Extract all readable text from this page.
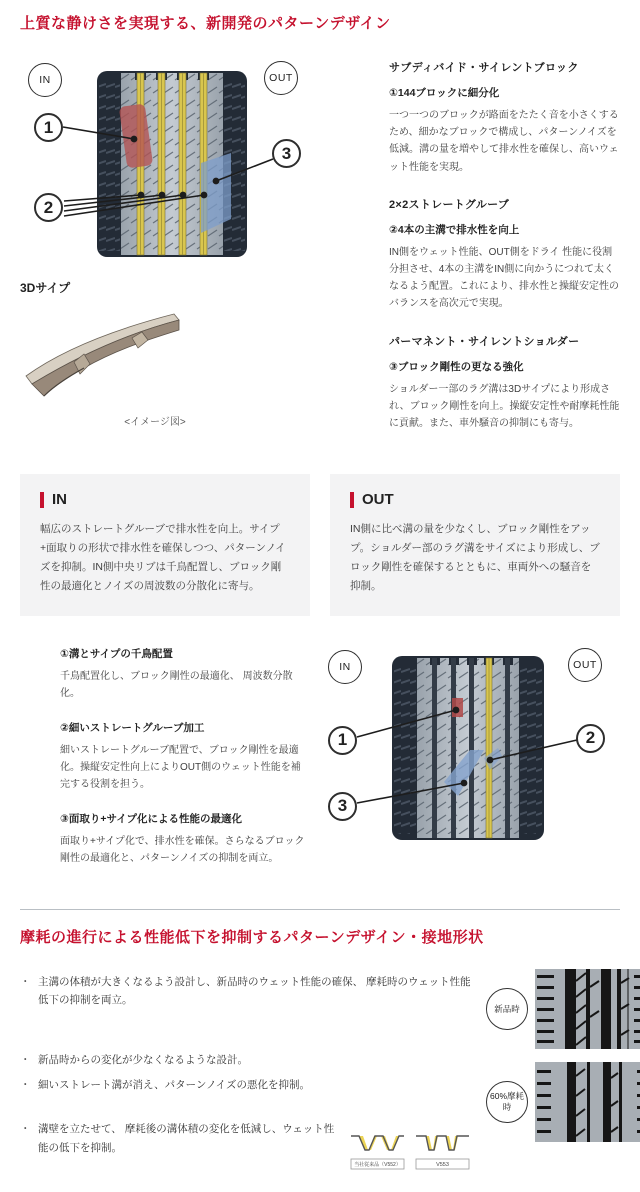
上質な静けさを実現する、新開発のパターンデザイン
IN	OUT
1
2
3
3Dサイプ
<イメージ図>
サブディバイド・サイレントブロック
①144ブロックに細分化

一つ一つのブロックが路面をたたく音を小さくするため、細かなブロックで構成し、パターンノイズを低減。溝の量を増やして排水性を確保し、高いウェット性能を実現。

2×2ストレートグルーブ
②4本の主溝で排水性を向上

IN側をウェット性能、OUT側をドライ 性能に役割分担させ、4本の主溝をIN側に向かうにつれて太くなるよう配置。これにより、排水性と操縦安定性のバランスを高次元で実現。

パーマネント・サイレントショルダー
③ブロック剛性の更なる強化

ショルダー一部のラグ溝は3Dサイプにより形成され、ブロック剛性を向上。操縦安定性や耐摩耗性能に貢献。また、車外騒音の抑制にも寄与。

IN

幅広のストレートグルーブで排水性を向上。サイプ+面取りの形状で排水性を確保しつつ、パターンノイズを抑制。IN側中央リブは千鳥配置し、ブロック剛性の最適化とノイズの周波数の分散化に寄与。

OUT

IN側に比べ溝の量を少なくし、ブロック剛性をアップ。ショルダー部のラグ溝をサイズにより形成し、ブロック剛性を確保するとともに、車両外への騒音を抑制。

①溝とサイプの千鳥配置

千鳥配置化し、ブロック剛性の最適化、 周波数分散化。

②細いストレートグルーブ加工

細いストレートグルーブ配置で、ブロック剛性を最適化。操縦安定性向上によりOUT側のウェット性能を補完する役割を担う。

③面取り+サイプ化による性能の最適化

面取り+サイプ化で、排水性を確保。さらなるブロック剛性の最適化と、パターンノイズの抑制を両立。

IN	OUT
1	2
3
摩耗の進行による性能低下を抑制するパターンデザイン・接地形状
・ 主溝の体積が大きくなるよう設計し、新品時のウェット性能の確保、 摩耗時のウェット性能低下の抑制を両立。
・ 新品時からの変化が少なくなるような設計。
・ 細いストレート溝が消え、パターンノイズの悪化を抑制。
・ 溝壁を立たせて、 摩耗後の溝体積の変化を低減し、ウェット性能の低下を抑制。
当社従来品（V552）	V553
新品時
60%摩耗時
